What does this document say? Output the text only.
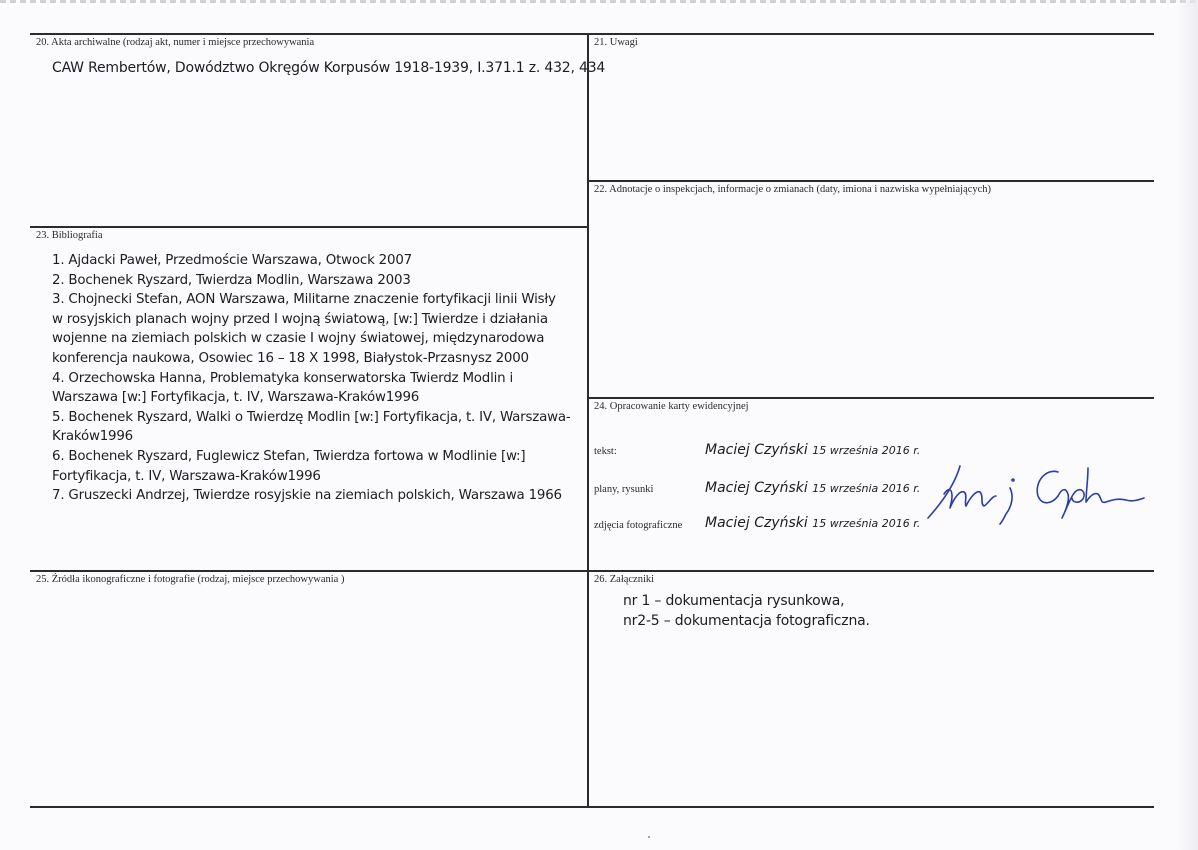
20. Akta archiwalne (rodzaj akt, numer i miejsce przechowywania
CAW Rembertów, Dowództwo Okręgów Korpusów 1918-1939, I.371.1 z. 432, 434
21. Uwagi
22. Adnotacje o inspekcjach, informacje o zmianach (daty, imiona i nazwiska wypełniających)
23. Bibliografia
1. Ajdacki Paweł, Przedmoście Warszawa, Otwock 2007
2. Bochenek Ryszard, Twierdza Modlin, Warszawa 2003
3. Chojnecki Stefan, AON Warszawa, Militarne znaczenie fortyfikacji linii Wisły
w rosyjskich planach wojny przed I wojną światową, [w:] Twierdze i działania
wojenne na ziemiach polskich w czasie I wojny światowej, międzynarodowa
konferencja naukowa, Osowiec 16 – 18 X 1998, Białystok-Przasnysz 2000
4. Orzechowska Hanna, Problematyka konserwatorska Twierdz Modlin i
Warszawa [w:] Fortyfikacja, t. IV, Warszawa-Kraków1996
5. Bochenek Ryszard, Walki o Twierdzę Modlin [w:] Fortyfikacja, t. IV, Warszawa-
Kraków1996
6. Bochenek Ryszard, Fuglewicz Stefan, Twierdza fortowa w Modlinie [w:]
Fortyfikacja, t. IV, Warszawa-Kraków1996
7. Gruszecki Andrzej, Twierdze rosyjskie na ziemiach polskich, Warszawa 1966
24. Opracowanie karty ewidencyjnej
tekst:	Maciej Czyński 15 września 2016 r.
plany, rysunki	Maciej Czyński 15 września 2016 r.
zdjęcia fotograficzne Maciej Czyński 15 września 2016 r.
25. Źródła ikonograficzne i fotografie (rodzaj, miejsce przechowywania )	26. Załączniki
nr 1 – dokumentacja rysunkowa,
nr2-5 – dokumentacja fotograficzna.
